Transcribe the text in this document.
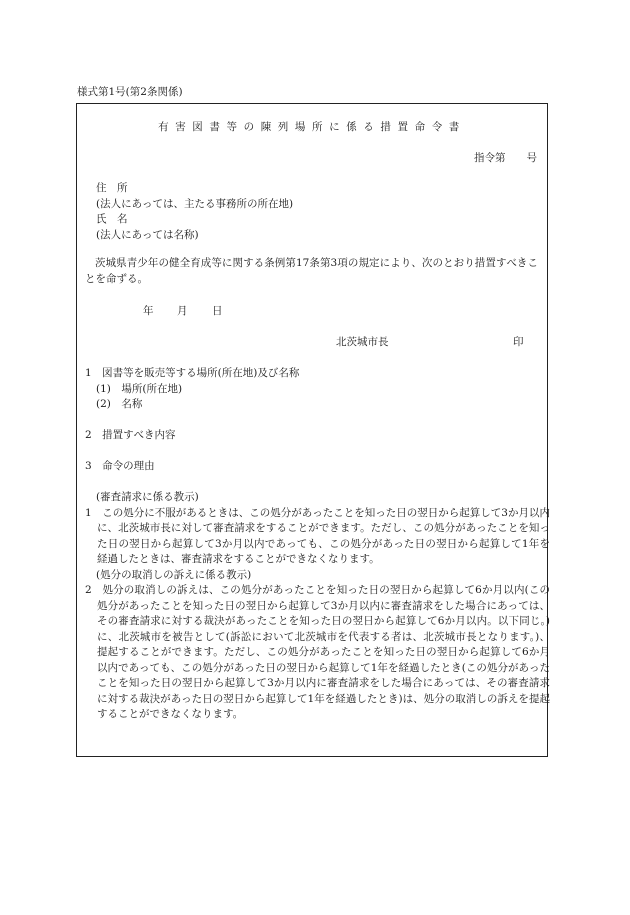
様式第1号(第2条関係)
有害図書等の陳列場所に係る措置命令書
指令第　　号
住　所
(法人にあっては、主たる事務所の所在地)
氏　名
(法人にあっては名称)
茨城県青少年の健全育成等に関する条例第17条第3項の規定により、次のとおり措置すべきことを命ずる。
年 月 日
北茨城市長	印
1　図書等を販売等する場所(所在地)及び名称
(1)　場所(所在地)
(2)　名称
2　措置すべき内容
3　命令の理由
(審査請求に係る教示)
1　この処分に不服があるときは、この処分があったことを知った日の翌日から起算して3か月以内に、北茨城市長に対して審査請求をすることができます。ただし、この処分があったことを知った日の翌日から起算して3か月以内であっても、この処分があった日の翌日から起算して1年を経過したときは、審査請求をすることができなくなります。
(処分の取消しの訴えに係る教示)
2　処分の取消しの訴えは、この処分があったことを知った日の翌日から起算して6か月以内(この処分があったことを知った日の翌日から起算して3か月以内に審査請求をした場合にあっては、その審査請求に対する裁決があったことを知った日の翌日から起算して6か月以内。以下同じ。)に、北茨城市を被告として(訴訟において北茨城市を代表する者は、北茨城市長となります。)、提起することができます。ただし、この処分があったことを知った日の翌日から起算して6か月以内であっても、この処分があった日の翌日から起算して1年を経過したとき(この処分があったことを知った日の翌日から起算して3か月以内に審査請求をした場合にあっては、その審査請求に対する裁決があった日の翌日から起算して1年を経過したとき)は、処分の取消しの訴えを提起することができなくなります。
